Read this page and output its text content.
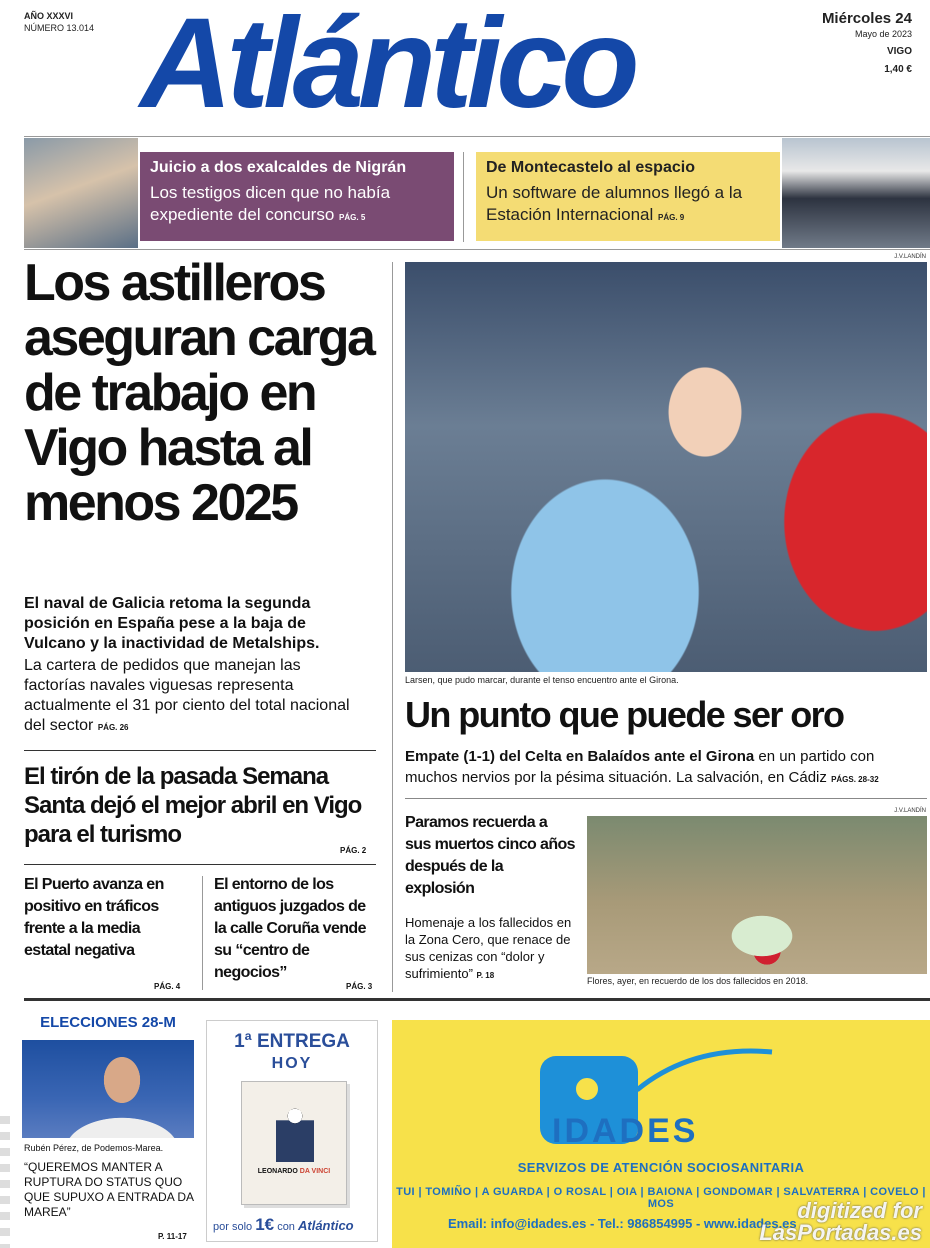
AÑO XXXVI
NÚMERO 13.014 Atlántico	Miércoles 24
Mayo de 2023
VIGO
1,40 €
Juicio a dos exalcaldes de Nigrán
Los testigos dicen que no había expediente del concurso PÁG. 5
De Montecastelo al espacio
Un software de alumnos llegó a la Estación Internacional PÁG. 9
Los astilleros aseguran carga de trabajo en Vigo hasta al menos 2025
El naval de Galicia retoma la segunda posición en España pese a la baja de Vulcano y la inactividad de Metalships.
La cartera de pedidos que manejan las factorías navales viguesas representa actualmente el 31 por ciento del total nacional del sector PÁG. 26
El tirón de la pasada Semana Santa dejó el mejor abril en Vigo para el turismo
PÁG. 2
El Puerto avanza en positivo en tráficos frente a la media estatal negativa
PÁG. 4
El entorno de los antiguos juzgados de la calle Coruña vende su “centro de negocios”
PÁG. 3
J.V.LANDÍN
Larsen, que pudo marcar, durante el tenso encuentro ante el Girona.
Un punto que puede ser oro
Empate (1-1) del Celta en Balaídos ante el Girona en un partido con muchos nervios por la pésima situación. La salvación, en Cádiz PÁGS. 28-32
Paramos recuerda a sus muertos cinco años después de la explosión
Homenaje a los fallecidos en la Zona Cero, que renace de sus cenizas con “dolor y sufrimiento” P. 18
J.V.LANDÍN
Flores, ayer, en recuerdo de los dos fallecidos en 2018.
ELECCIONES 28-M
Rubén Pérez, de Podemos-Marea.
“QUEREMOS MANTER A RUPTURA DO STATUS QUO QUE SUPUXO A ENTRADA DA MAREA”
P. 11-17
1ª ENTREGA
HOY
LEONARDO DA VINCI
por solo 1€ con Atlántico
IDADES
SERVIZOS DE ATENCIÓN SOCIOSANITARIA
TUI | TOMIÑO | A GUARDA | O ROSAL | OIA | BAIONA | GONDOMAR | SALVATERRA | COVELO | MOS
Email: info@idades.es - Tel.: 986854995 - www.idades.es
digitized for
LasPortadas.es
